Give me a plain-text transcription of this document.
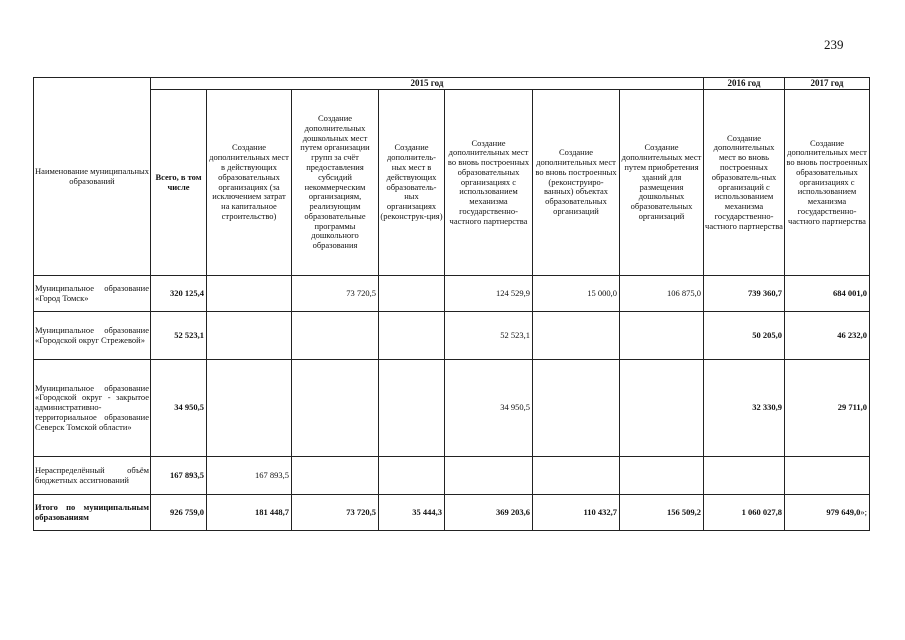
239
Наименование муниципальных образований	2015 год							2016 год	2017 год
	Всего, в том числе	Создание дополнительных мест в действующих образовательных организациях (за исключением затрат на капитальное строительство)	Создание дополнительных дошкольных мест путем организации групп за счёт предоставления субсидий некоммерческим организациям, реализующим образовательные программы дошкольного образования	Создание дополнитель-ных мест в действующих образователь-ных организациях (реконструк-ция)	Создание дополнительных мест во вновь построенных образовательных организациях с использованием механизма государственно-частного партнерства	Создание дополнительных мест во вновь построенных (реконструиро-ванных) объектах образовательных организаций	Создание дополнительных мест путем приобретения зданий для размещения дошкольных образовательных организаций	Создание дополнительных мест во вновь построенных образователь-ных организаций с использованием механизма государственно-частного партнерства	Создание дополнительных мест во вновь построенных образовательных организациях с использованием механизма государственно-частного партнерства
Муниципальное образование «Город Томск»	320 125,4		73 720,5		124 529,9	15 000,0	106 875,0	739 360,7	684 001,0
Муниципальное образование «Городской округ Стрежевой»	52 523,1				52 523,1			50 205,0	46 232,0
Муниципальное образование «Городской округ - закрытое административно-территориальное образование Северск Томской области»	34 950,5				34 950,5			32 330,9	29 711,0
Нераспределённый объём бюджетных ассигнований	167 893,5	167 893,5							
Итого по муниципальным образованиям	926 759,0	181 448,7	73 720,5	35 444,3	369 203,6	110 432,7	156 509,2	1 060 027,8	979 649,0»;
